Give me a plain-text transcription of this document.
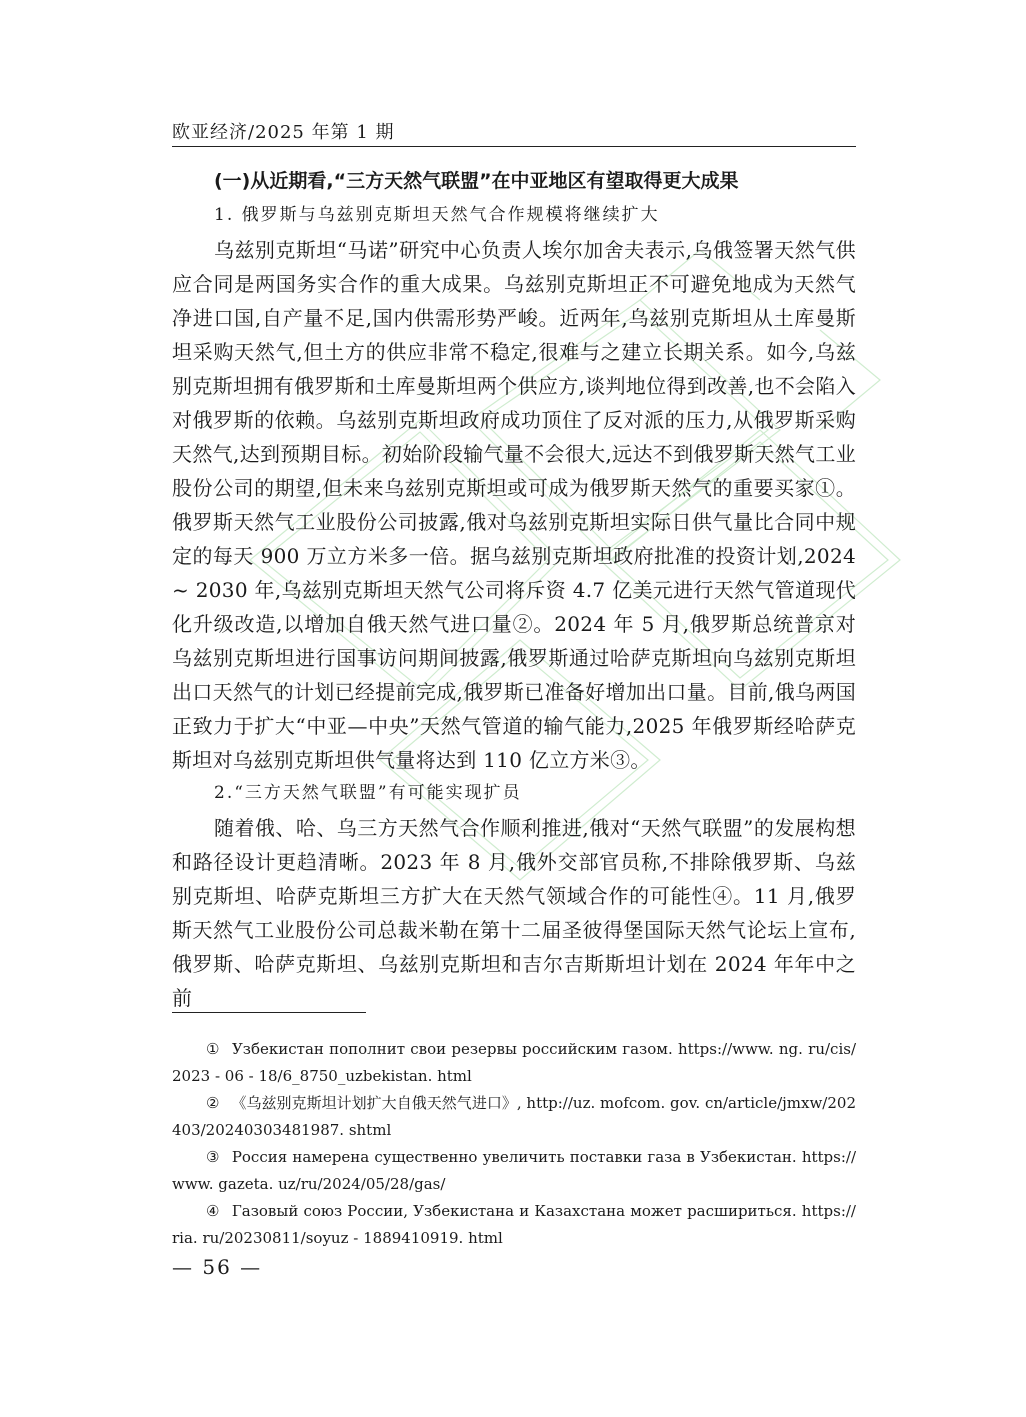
欧亚经济/2025 年第 1 期
(一)从近期看,“三方天然气联盟”在中亚地区有望取得更大成果
1. 俄罗斯与乌兹别克斯坦天然气合作规模将继续扩大

乌兹别克斯坦“马诺”研究中心负责人埃尔加舍夫表示,乌俄签署天然气供应合同是两国务实合作的重大成果。乌兹别克斯坦正不可避免地成为天然气净进口国,自产量不足,国内供需形势严峻。近两年,乌兹别克斯坦从土库曼斯坦采购天然气,但土方的供应非常不稳定,很难与之建立长期关系。如今,乌兹别克斯坦拥有俄罗斯和土库曼斯坦两个供应方,谈判地位得到改善,也不会陷入对俄罗斯的依赖。乌兹别克斯坦政府成功顶住了反对派的压力,从俄罗斯采购天然气,达到预期目标。初始阶段输气量不会很大,远达不到俄罗斯天然气工业股份公司的期望,但未来乌兹别克斯坦或可成为俄罗斯天然气的重要买家①。俄罗斯天然气工业股份公司披露,俄对乌兹别克斯坦实际日供气量比合同中规定的每天 900 万立方米多一倍。据乌兹别克斯坦政府批准的投资计划,2024 ~ 2030 年,乌兹别克斯坦天然气公司将斥资 4.7 亿美元进行天然气管道现代化升级改造,以增加自俄天然气进口量②。2024 年 5 月,俄罗斯总统普京对乌兹别克斯坦进行国事访问期间披露,俄罗斯通过哈萨克斯坦向乌兹别克斯坦出口天然气的计划已经提前完成,俄罗斯已准备好增加出口量。目前,俄乌两国正致力于扩大“中亚—中央”天然气管道的输气能力,2025 年俄罗斯经哈萨克斯坦对乌兹别克斯坦供气量将达到 110 亿立方米③。

2.“三方天然气联盟”有可能实现扩员

随着俄、哈、乌三方天然气合作顺利推进,俄对“天然气联盟”的发展构想和路径设计更趋清晰。2023 年 8 月,俄外交部官员称,不排除俄罗斯、乌兹别克斯坦、哈萨克斯坦三方扩大在天然气领域合作的可能性④。11 月,俄罗斯天然气工业股份公司总裁米勒在第十二届圣彼得堡国际天然气论坛上宣布,俄罗斯、哈萨克斯坦、乌兹别克斯坦和吉尔吉斯斯坦计划在 2024 年年中之前

① Узбекистан пополнит свои резервы российским газом. https://www. ng. ru/cis/2023 - 06 - 18/6_8750_uzbekistan. html

② 《乌兹别克斯坦计划扩大自俄天然气进口》, http://uz. mofcom. gov. cn/article/jmxw/202403/20240303481987. shtml

③ Россия намерена существенно увеличить поставки газа в Узбекистан. https://www. gazeta. uz/ru/2024/05/28/gas/

④ Газовый союз России, Узбекистана и Казахстана может расшириться. https://ria. ru/20230811/soyuz - 1889410919. html

— 56 —
